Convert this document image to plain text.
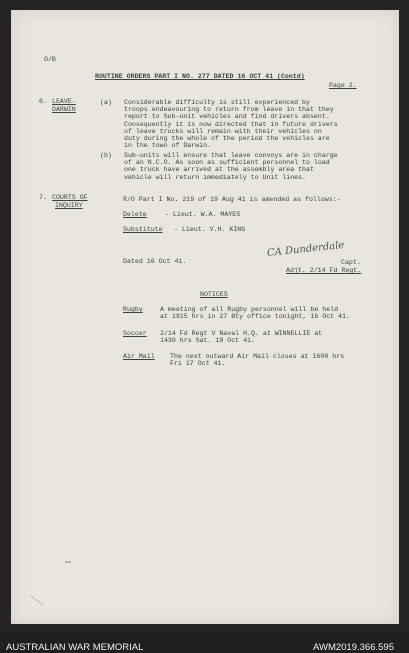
O/B
ROUTINE ORDERS PART I NO. 277 DATED 16 OCT 41 (Contd)
Page 2.
6. LEAVE-
DARWIN
(a) Considerable difficulty is still experienced by
troops endeavouring to return from leave in that they
report to Sub-unit vehicles and find drivers absent.
Consequently it is now directed that in future drivers
of leave trucks will remain with their vehicles on
duty during the whole of the period the vehicles are
in the town of Darwin.
(b) Sub-units will ensure that leave convoys are in charge
of an N.C.O. As soon as sufficient personnel to load
one truck have arrived at the assembly area that
vehicle will return immediately to Unit lines.
7. COURTS OF
INQUIRY
R/O Part I No. 219 of 19 Aug 41 is amended as follows:-
Delete	- Lieut. W.A. MAYES
Substitute - Lieut. V.H. KING
Dated 16 Oct 41.
CA Dunderdale
Capt.
Adjt. 2/14 Fd Regt.
NOTICES
Rugby	A meeting of all Rugby personnel will be held
at 1915 hrs in 27 Bty office tonight, 16 Oct 41.
Soccer 2/14 Fd Regt V Naval H.Q. at WINNELLIE at
1430 hrs Sat. 18 Oct 41.
Air Mail The next outward Air Mail closes at 1600 hrs
Fri 17 Oct 41.
AUSTRALIAN WAR MEMORIAL	AWM2019.366.595
